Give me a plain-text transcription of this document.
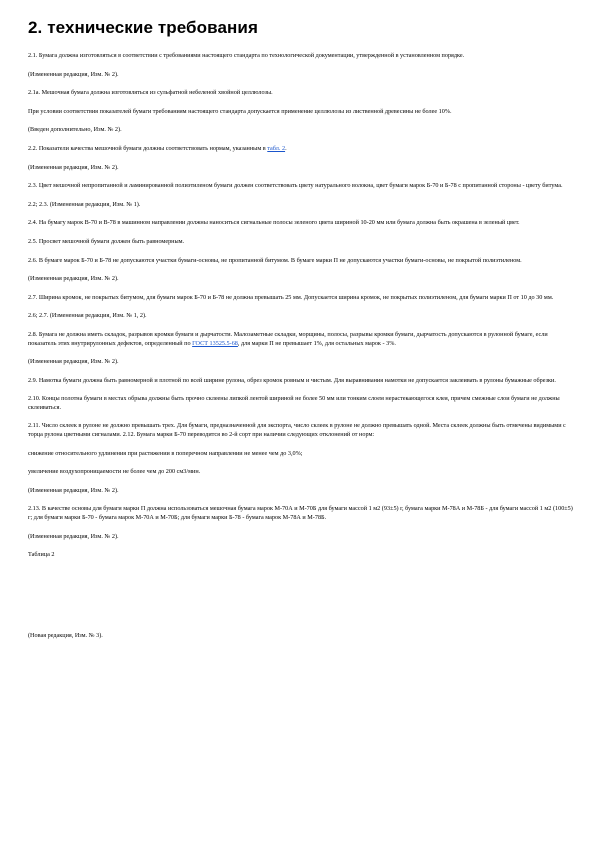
2. технические требования

2.1. Бумага должна изготовляться в соответствии с требованиями настоящего стандарта по технологической документации, утвержденной в установленном порядке.

(Измененная редакция, Изм. № 2).

2.1а. Мешочная бумага должна изготовляться из сульфатной небеленой хвойной целлюлозы.

При условии соответствия показателей бумаги требованиям настоящего стандарта допускается применение целлюлозы из лиственной древесины не более 10%.

(Введен дополнительно, Изм. № 2).

2.2. Показатели качества мешочной бумаги должны соответствовать нормам, указанным в табл. 2.

(Измененная редакция, Изм. № 2).

2.3. Цвет мешочной непропитанной и ламинированной полиэтиленом бумаги должен соответствовать цвету натурального волокна, цвет бумаги марок Б-70 и Б-78 с пропитанной стороны - цвету битума.

2.2; 2.3. (Измененная редакция, Изм. № 1).

2.4. На бумагу марок В-70 и В-78 в машинном направлении должны наноситься сигнальные полосы зеленого цвета шириной 10-20 мм или бумага должна быть окрашена в зеленый цвет.

2.5. Просвет мешочной бумаги должен быть равномерным.

2.6. В бумаге марок Б-70 и Б-78 не допускаются участки бумаги-основы, не пропитанной битумом. В бумаге марки П не допускаются участки бумаги-основы, не покрытой полиэтиленом.

(Измененная редакция, Изм. № 2).

2.7. Ширина кромок, не покрытых битумом, для бумаги марок Б-70 и Б-78 не должна превышать 25 мм. Допускается ширина кромок, не покрытых полиэтиленом, для бумаги марки П от 10 до 30 мм.

2.6; 2.7. (Измененная редакция, Изм. № 1, 2).

2.8. Бумага не должна иметь складок, разрывов кромки бумаги и дырчатости. Малозаметные складки, морщины, полосы, разрывы кромки бумаги, дырчатость допускаются в рулонной бумаге, если показатель этих внутрирулонных дефектов, определенный по ГОСТ 13525.5-68, для марки П не превышает 1%, для остальных марок - 3%.

(Измененная редакция, Изм. № 2).

2.9. Намотка бумаги должна быть равномерной и плотной по всей ширине рулона, обрез кромок ровным и чистым. Для выравнивания намотки не допускается заклеивать в рулоны бумажные обрезки.

2.10. Концы полотна бумаги в местах обрыва должны быть прочно склеены липкой лентой шириной не более 50 мм или тонким слоем нерастекающегося клея, причем смежные слои бумаги не должны склеиваться.

2.11. Число склеек в рулоне не должно превышать трех. Для бумаги, предназначенной для экспорта, число склеек в рулоне не должно превышать одной. Места склеек должны быть отмечены видимыми с торца рулона цветными сигналами. 2.12. Бумага марки Б-70 переводится во 2-й сорт при наличии следующих отклонений от норм:

снижение относительного удлинения при растяжении в поперечном направлении не менее чем до 3,0%;

увеличение воздухопроницаемости не более чем до 200 см3/мин.

(Измененная редакция, Изм. № 2).

2.13. В качестве основы для бумаги марки П должна использоваться мешочная бумага марок М-70А и М-70Б для бумаги массой 1 м2 (93±5) г, бумага марки М-78А и М-78Б - для бумаги массой 1 м2 (100±5) г; для бумаги марки Б-70 - бумага марок М-70А и М-70Б; для бумаги марки Б-78 - бумага марок М-78А и М-78Б.

(Измененная редакция, Изм. № 2).

Таблица 2

(Новая редакция, Изм. № 3).
